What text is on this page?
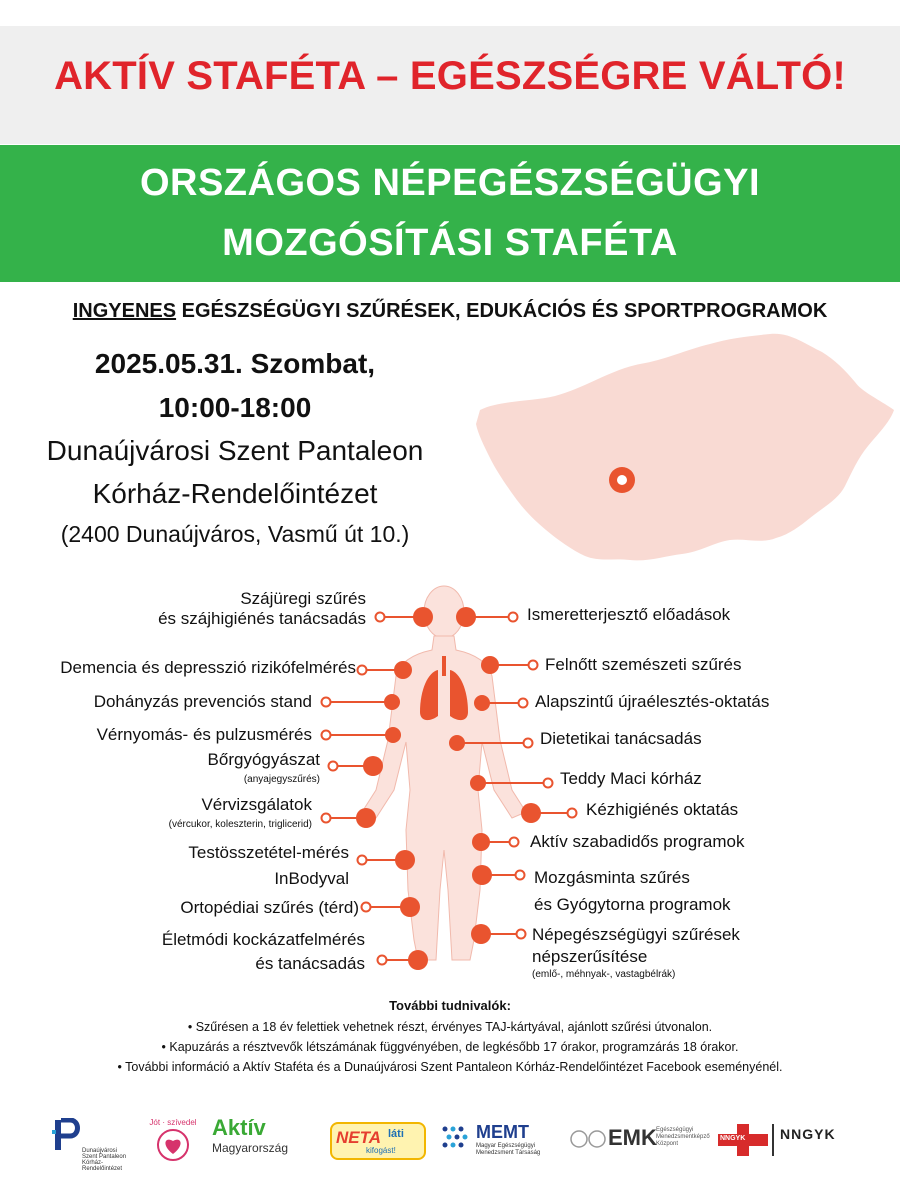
AKTÍV STAFÉTA – EGÉSZSÉGRE VÁLTÓ!
ORSZÁGOS NÉPEGÉSZSÉGÜGYI
MOZGÓSÍTÁSI STAFÉTA
INGYENES EGÉSZSÉGÜGYI SZŰRÉSEK, EDUKÁCIÓS ÉS SPORTPROGRAMOK
2025.05.31. Szombat,
10:00-18:00
Dunaújvárosi Szent Pantaleon
Kórház-Rendelőintézet
(2400 Dunaújváros, Vasmű út 10.)
Szájüregi szűrés
és szájhigiénés tanácsadás
Demencia és depresszió rizikófelmérés
Dohányzás prevenciós stand
Vérnyomás- és pulzusmérés
Bőrgyógyászat
(anyajegyszűrés)
Vérvizsgálatok
(vércukor, koleszterin, triglicerid)
Testösszetétel-mérés
InBodyval
Ortopédiai szűrés (térd)
Életmódi kockázatfelmérés
és tanácsadás
Ismeretterjesztő előadások
Felnőtt szemészeti szűrés
Alapszintű újraélesztés-oktatás
Dietetikai tanácsadás
Teddy Maci kórház
Kézhigiénés oktatás
Aktív szabadidős programok
Mozgásminta szűrés
és Gyógytorna programok
Népegészségügyi szűrések
népszerűsítése
(emlő-, méhnyak-, vastagbélrák)
További tudnivalók:
• Szűrésen a 18 év felettiek vehetnek részt, érvényes TAJ-kártyával, ajánlott szűrési útvonalon.
• Kapuzárás a résztvevők létszámának függvényében, de legkésőbb 17 órakor, programzárás 18 órakor.
• További információ a Aktív Staféta és a Dunaújvárosi Szent Pantaleon Kórház-Rendelőintézet Facebook eseményénél.
Dunaújvárosi
Szent Pantaleon
Kórház-Rendelőintézet
Jót · szívedel Aktív
Magyarország
NETA láti
kifogást!
MEMT
Magyar Egészségügyi
Menedzsment Társaság
EMK Egészségügyi
Menedzsmentképző
Központ
NNGYK NNGYK
